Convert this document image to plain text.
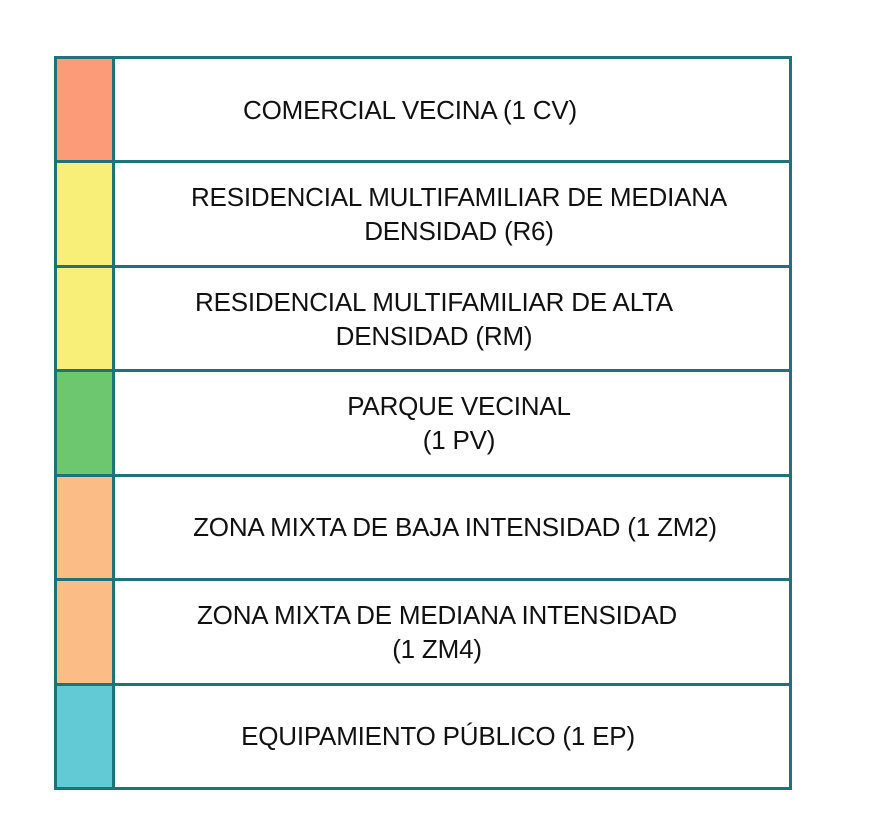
COMERCIAL VECINA (1 CV)
RESIDENCIAL MULTIFAMILIAR DE MEDIANA
DENSIDAD (R6)
RESIDENCIAL MULTIFAMILIAR DE ALTA
DENSIDAD (RM)
PARQUE VECINAL
(1 PV)
ZONA MIXTA DE BAJA INTENSIDAD (1 ZM2)
ZONA MIXTA DE MEDIANA INTENSIDAD
(1 ZM4)
EQUIPAMIENTO PÚBLICO (1 EP)
